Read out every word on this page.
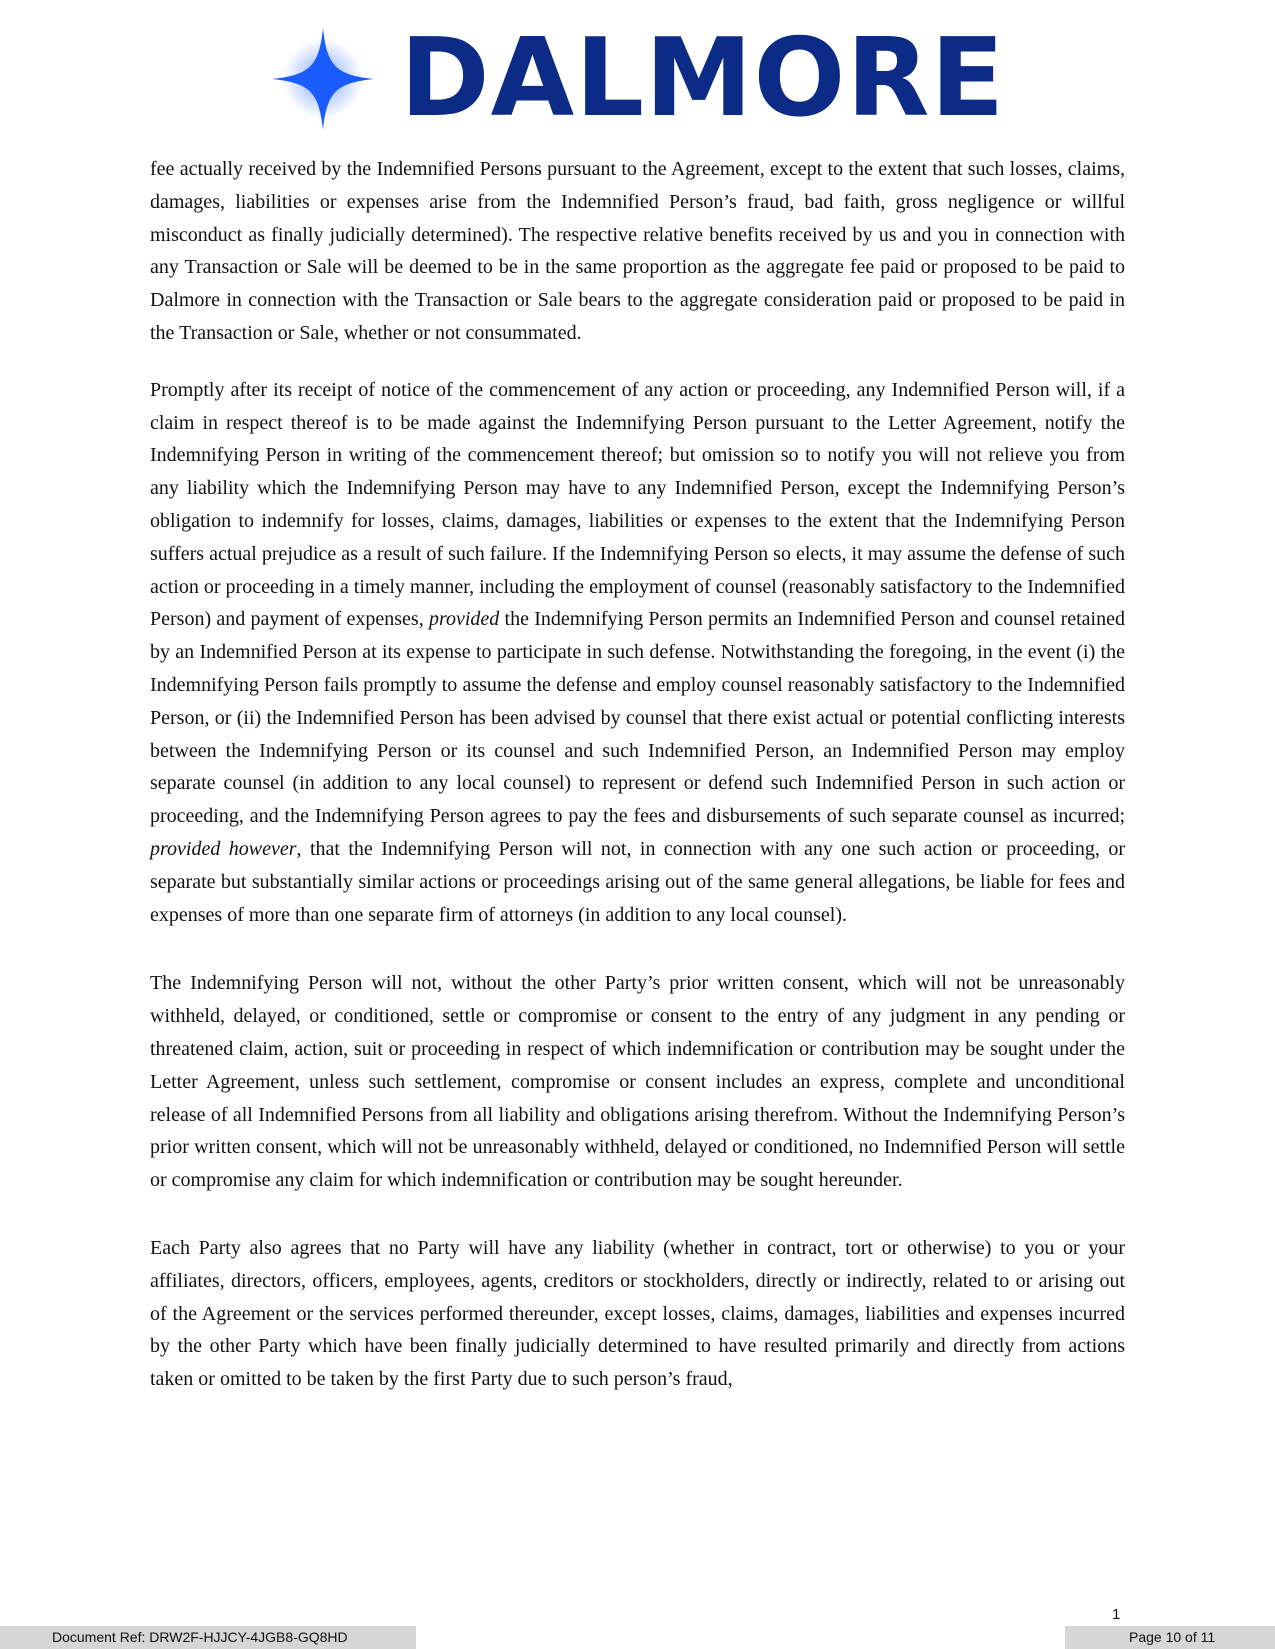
DALMORE

fee actually received by the Indemnified Persons pursuant to the Agreement, except to the extent that such losses, claims, damages, liabilities or expenses arise from the Indemnified Person’s fraud, bad faith, gross negligence or willful misconduct as finally judicially determined). The respective relative benefits received by us and you in connection with any Transaction or Sale will be deemed to be in the same proportion as the aggregate fee paid or proposed to be paid to Dalmore in connection with the Transaction or Sale bears to the aggregate consideration paid or proposed to be paid in the Transaction or Sale, whether or not consummated.

Promptly after its receipt of notice of the commencement of any action or proceeding, any Indemnified Person will, if a claim in respect thereof is to be made against the Indemnifying Person pursuant to the Letter Agreement, notify the Indemnifying Person in writing of the commencement thereof; but omission so to notify you will not relieve you from any liability which the Indemnifying Person may have to any Indemnified Person, except the Indemnifying Person’s obligation to indemnify for losses, claims, damages, liabilities or expenses to the extent that the Indemnifying Person suffers actual prejudice as a result of such failure. If the Indemnifying Person so elects, it may assume the defense of such action or proceeding in a timely manner, including the employment of counsel (reasonably satisfactory to the Indemnified Person) and payment of expenses, provided the Indemnifying Person permits an Indemnified Person and counsel retained by an Indemnified Person at its expense to participate in such defense. Notwithstanding the foregoing, in the event (i) the Indemnifying Person fails promptly to assume the defense and employ counsel reasonably satisfactory to the Indemnified Person, or (ii) the Indemnified Person has been advised by counsel that there exist actual or potential conflicting interests between the Indemnifying Person or its counsel and such Indemnified Person, an Indemnified Person may employ separate counsel (in addition to any local counsel) to represent or defend such Indemnified Person in such action or proceeding, and the Indemnifying Person agrees to pay the fees and disbursements of such separate counsel as incurred; provided however, that the Indemnifying Person will not, in connection with any one such action or proceeding, or separate but substantially similar actions or proceedings arising out of the same general allegations, be liable for fees and expenses of more than one separate firm of attorneys (in addition to any local counsel).

The Indemnifying Person will not, without the other Party’s prior written consent, which will not be unreasonably withheld, delayed, or conditioned, settle or compromise or consent to the entry of any judgment in any pending or threatened claim, action, suit or proceeding in respect of which indemnification or contribution may be sought under the Letter Agreement, unless such settlement, compromise or consent includes an express, complete and unconditional release of all Indemnified Persons from all liability and obligations arising therefrom. Without the Indemnifying Person’s prior written consent, which will not be unreasonably withheld, delayed or conditioned, no Indemnified Person will settle or compromise any claim for which indemnification or contribution may be sought hereunder.

Each Party also agrees that no Party will have any liability (whether in contract, tort or otherwise) to you or your affiliates, directors, officers, employees, agents, creditors or stockholders, directly or indirectly, related to or arising out of the Agreement or the services performed thereunder, except losses, claims, damages, liabilities and expenses incurred by the other Party which have been finally judicially determined to have resulted primarily and directly from actions taken or omitted to be taken by the first Party due to such person’s fraud,

1
Document Ref: DRW2F-HJJCY-4JGB8-GQ8HD	Page 10 of 11
